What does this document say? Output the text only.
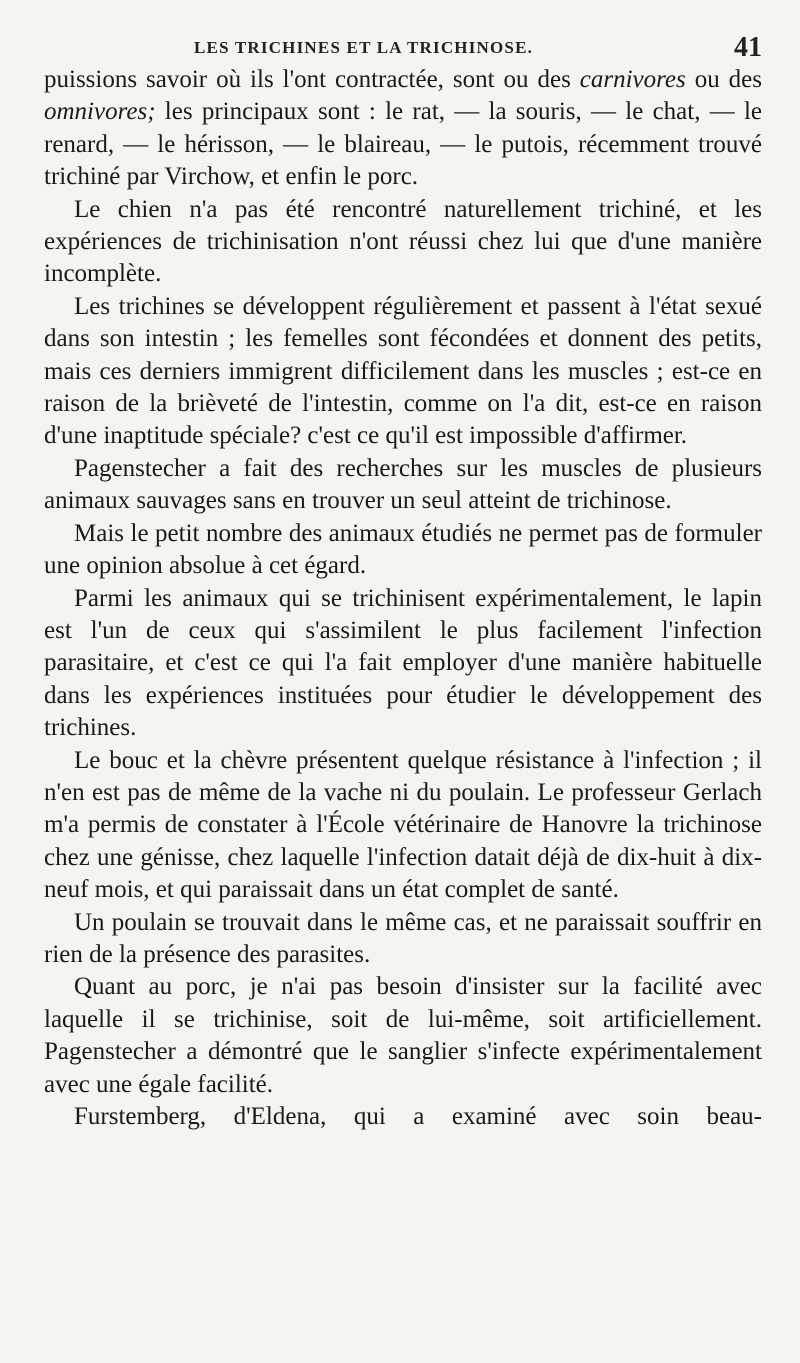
LES TRICHINES ET LA TRICHINOSE.	41

puissions savoir où ils l'ont contractée, sont ou des carnivores ou des omnivores; les principaux sont : le rat, — la souris, — le chat, — le renard, — le hérisson, — le blaireau, — le putois, récemment trouvé trichiné par Virchow, et enfin le porc.

Le chien n'a pas été rencontré naturellement trichiné, et les expériences de trichinisation n'ont réussi chez lui que d'une manière incomplète.

Les trichines se développent régulièrement et passent à l'état sexué dans son intestin ; les femelles sont fécondées et donnent des petits, mais ces derniers immigrent difficilement dans les muscles ; est-ce en raison de la brièveté de l'intestin, comme on l'a dit, est-ce en raison d'une inaptitude spéciale? c'est ce qu'il est impossible d'affirmer.

Pagenstecher a fait des recherches sur les muscles de plusieurs animaux sauvages sans en trouver un seul atteint de trichinose.

Mais le petit nombre des animaux étudiés ne permet pas de formuler une opinion absolue à cet égard.

Parmi les animaux qui se trichinisent expérimentalement, le lapin est l'un de ceux qui s'assimilent le plus facilement l'infection parasitaire, et c'est ce qui l'a fait employer d'une manière habituelle dans les expériences instituées pour étudier le développement des trichines.

Le bouc et la chèvre présentent quelque résistance à l'infection ; il n'en est pas de même de la vache ni du poulain. Le professeur Gerlach m'a permis de constater à l'École vétérinaire de Hanovre la trichinose chez une génisse, chez laquelle l'infection datait déjà de dix-huit à dix-neuf mois, et qui paraissait dans un état complet de santé.

Un poulain se trouvait dans le même cas, et ne paraissait souffrir en rien de la présence des parasites.

Quant au porc, je n'ai pas besoin d'insister sur la facilité avec laquelle il se trichinise, soit de lui-même, soit artificiellement. Pagenstecher a démontré que le sanglier s'infecte expérimentalement avec une égale facilité.

Furstemberg, d'Eldena, qui a examiné avec soin beau-
